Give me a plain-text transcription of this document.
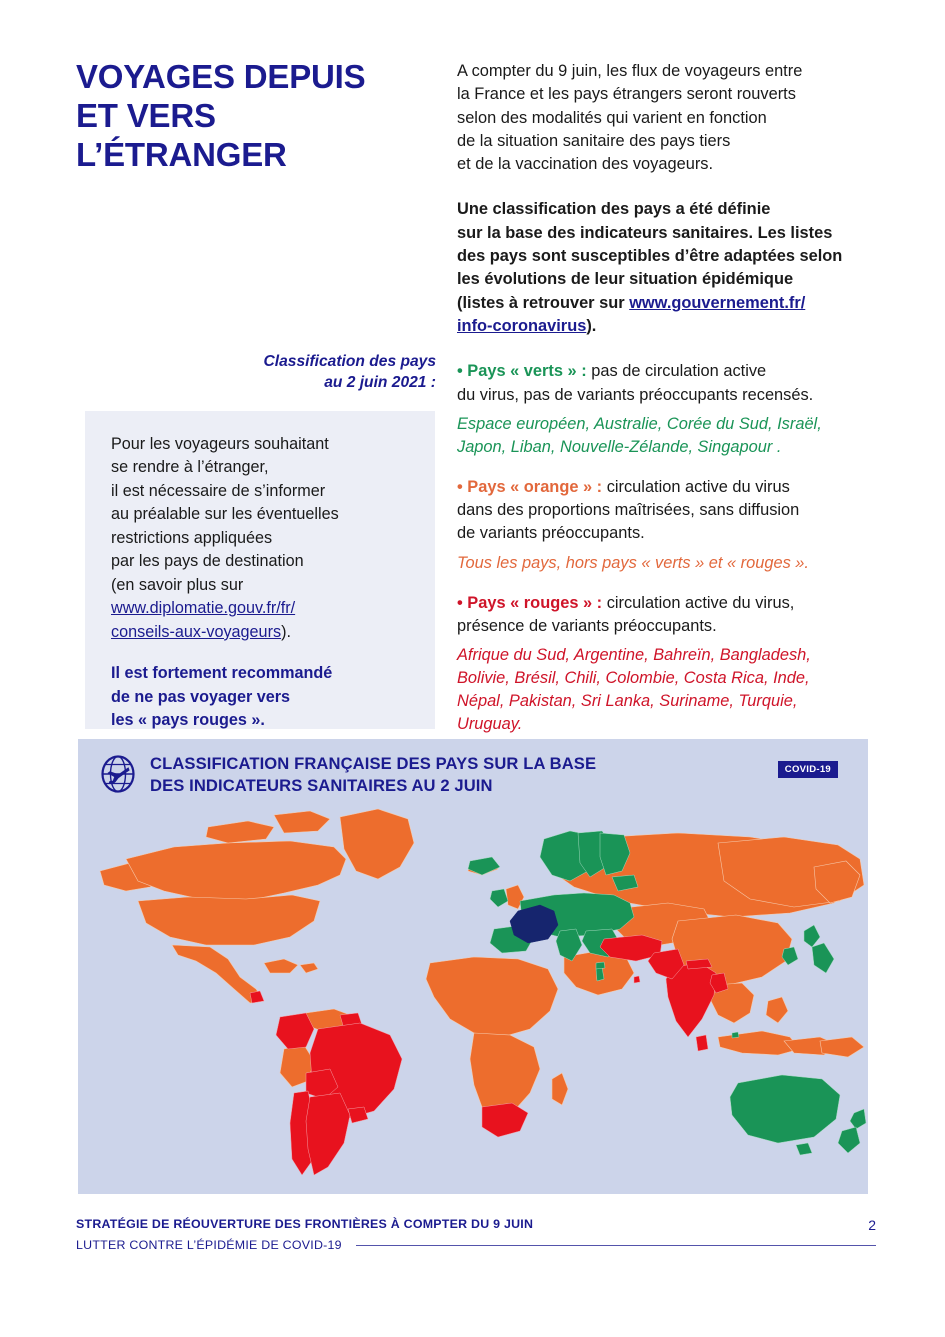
VOYAGES DEPUIS
ET VERS
L’ÉTRANGER

A compter du 9 juin, les flux de voyageurs entre
la France et les pays étrangers seront rouverts
selon des modalités qui varient en fonction
de la situation sanitaire des pays tiers
et de la vaccination des voyageurs.

Une classification des pays a été définie
sur la base des indicateurs sanitaires. Les listes
des pays sont susceptibles d’être adaptées selon
les évolutions de leur situation épidémique
(listes à retrouver sur www.gouvernement.fr/
info-coronavirus).

• Pays « verts » : pas de circulation active
du virus, pas de variants préoccupants recensés.

Espace européen, Australie, Corée du Sud, Israël,
Japon, Liban, Nouvelle-Zélande, Singapour .

• Pays « orange » : circulation active du virus
dans des proportions maîtrisées, sans diffusion
de variants préoccupants.

Tous les pays, hors pays « verts » et « rouges ».

• Pays « rouges » : circulation active du virus,
présence de variants préoccupants.

Afrique du Sud, Argentine, Bahreïn, Bangladesh,
Bolivie, Brésil, Chili, Colombie, Costa Rica, Inde,
Népal, Pakistan, Sri Lanka, Suriname, Turquie,
Uruguay.

Classification des pays
au 2 juin 2021 :

Pour les voyageurs souhaitant
se rendre à l’étranger,
il est nécessaire de s’informer
au préalable sur les éventuelles
restrictions appliquées
par les pays de destination
(en savoir plus sur
www.diplomatie.gouv.fr/fr/
conseils-aux-voyageurs).

Il est fortement recommandé
de ne pas voyager vers
les « pays rouges ».

CLASSIFICATION FRANÇAISE DES PAYS SUR LA BASE
DES INDICATEURS SANITAIRES AU 2 JUIN
COVID-19
STRATÉGIE DE RÉOUVERTURE DES FRONTIÈRES À COMPTER DU 9 JUIN
LUTTER CONTRE L’ÉPIDÉMIE DE COVID-19
2
